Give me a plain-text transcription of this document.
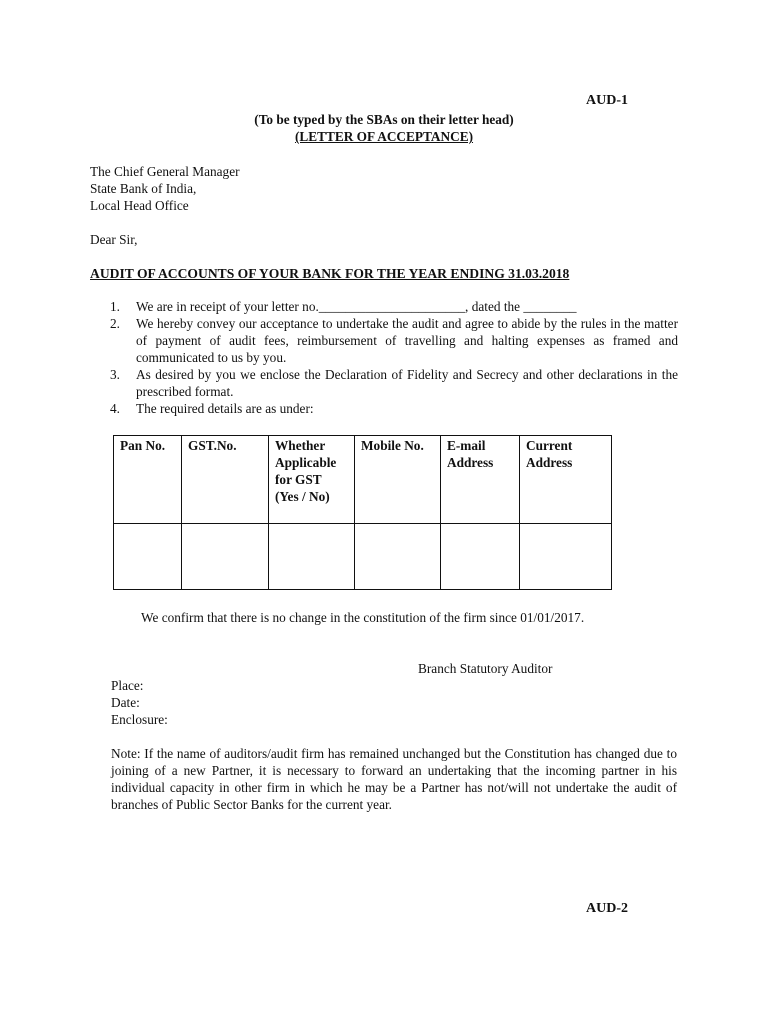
AUD-1
(To be typed by the SBAs on their letter head)
(LETTER OF ACCEPTANCE)
The Chief General Manager
State Bank of India,
Local Head Office
Dear Sir,
AUDIT OF ACCOUNTS OF YOUR BANK FOR THE YEAR ENDING 31.03.2018
1.	We are in receipt of your letter no.______________________, dated the ________
2.	We hereby convey our acceptance to undertake the audit and agree to abide by the rules in the matter of payment of audit fees, reimbursement of travelling and halting expenses as framed and communicated to us by you.
3.	As desired by you we enclose the Declaration of Fidelity and Secrecy and other declarations in the prescribed format.
4.	The required details are as under:
Pan No.	GST.No.	Whether Applicable for GST (Yes / No)	Mobile No.	E-mail Address	Current Address

We confirm that there is no change in the constitution of the firm since 01/01/2017.
Branch Statutory Auditor
Place:
Date:
Enclosure:
Note: If the name of auditors/audit firm has remained unchanged but the Constitution has changed due to joining of a new Partner, it is necessary to forward an undertaking that the incoming partner in his individual capacity in other firm in which he may be a Partner has not/will not undertake the audit of branches of Public Sector Banks for the current year.
AUD-2
